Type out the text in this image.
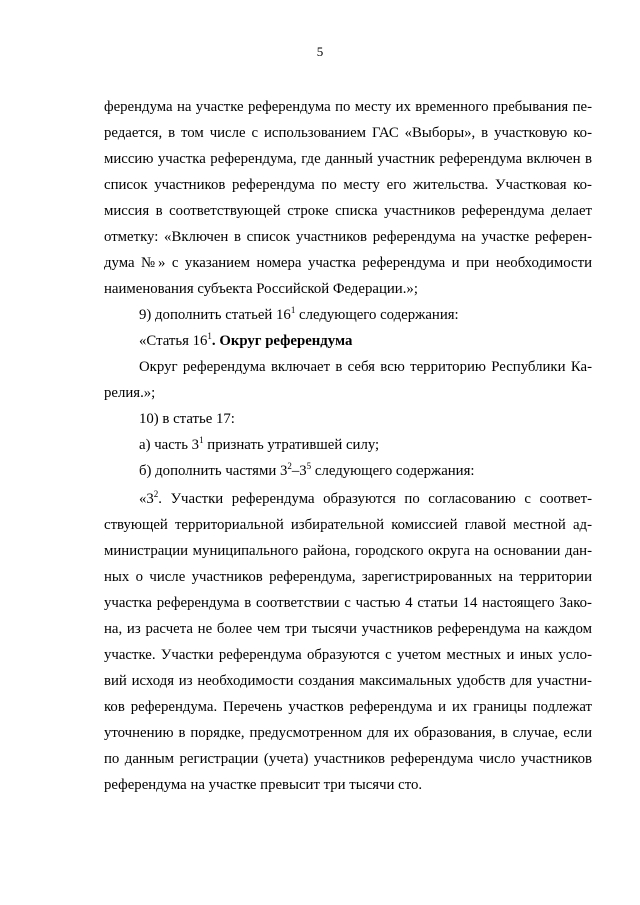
5
ферендума на участке референдума по месту их временного пребывания пе-
редается, в том числе с использованием ГАС «Выборы», в участковую ко-
миссию участка референдума, где данный участник референдума включен в
список участников референдума по месту его жительства. Участковая ко-
миссия в соответствующей строке списка участников референдума делает
отметку: «Включен в список участников референдума на участке референ-
дума №» с указанием номера участка референдума и при необходимости
наименования субъекта Российской Федерации.»;
9) дополнить статьей $16^1$ следующего содержания:
«Статья $16^1$. Округ референдума
Округ референдума включает в себя всю территорию Республики Ка-
релия.»;
10) в статье 17:
а) часть $3^1$ признать утратившей силу;
б) дополнить частями $3^2-3^5$ следующего содержания:
«$3^2$. Участки референдума образуются по согласованию с соответ-
ствующей территориальной избирательной комиссией главой местной ад-
министрации муниципального района, городского округа на основании дан-
ных о числе участников референдума, зарегистрированных на территории
участка референдума в соответствии с частью 4 статьи 14 настоящего Зако-
на, из расчета не более чем три тысячи участников референдума на каждом
участке. Участки референдума образуются с учетом местных и иных усло-
вий исходя из необходимости создания максимальных удобств для участни-
ков референдума. Перечень участков референдума и их границы подлежат
уточнению в порядке, предусмотренном для их образования, в случае, если
по данным регистрации (учета) участников референдума число участников
референдума на участке превысит три тысячи сто.
